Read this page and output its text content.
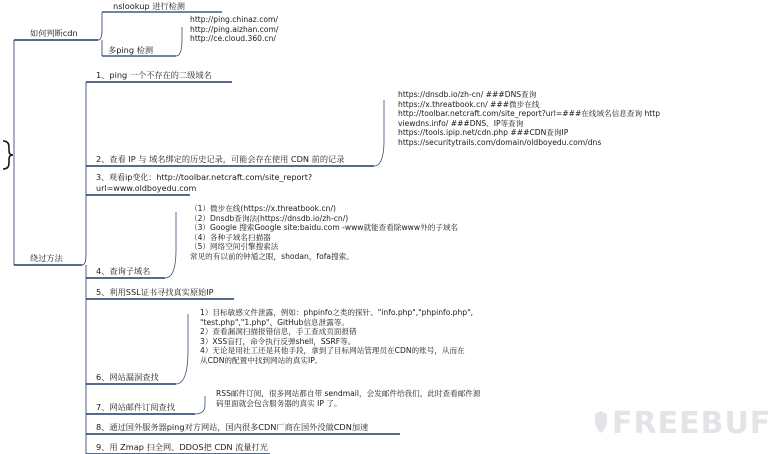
如何判断cdn
绕过方法
nslookup 进行检测
多ping 检测
http://ping.chinaz.com/
http://ping.aizhan.com/
http://ce.cloud.360.cn/
1、ping 一个不存在的二级域名
2、查看 IP 与 域名绑定的历史记录，可能会存在使用 CDN 前的记录
3、观看ip变化：http://toolbar.netcraft.com/site_report?
url=www.oldboyedu.com
4、查询子域名
5、利用SSL证书寻找真实原始IP
6、网站漏洞查找
7、网站邮件订阅查找
8、通过国外服务器ping对方网站，国内很多CDN厂商在国外没做CDN加速
9、用 Zmap 扫全网、DDOS把 CDN 流量打光
https://dnsdb.io/zh-cn/ ###DNS查询
https://x.threatbook.cn/ ###微步在线
http://toolbar.netcraft.com/site_report?url=###在线域名信息查询 http
viewdns.info/ ###DNS、IP等查询
https://tools.ipip.net/cdn.php ###CDN查询IP
https://securitytrails.com/domain/oldboyedu.com/dns
（1）微步在线(https://x.threatbook.cn/)
（2）Dnsdb查询法(https://dnsdb.io/zh-cn/)
（3）Google 搜索Google site:baidu.com -www就能查看除www外的子域名
（4）各种子域名扫描器
（5）网络空间引擎搜索法
常见的有以前的钟馗之眼，shodan，fofa搜索。
1）目标敏感文件泄露，例如：phpinfo之类的探针、"info.php","phpinfo.php",
"test.php","1.php"、GitHub信息泄露等。
2）查看漏洞扫描报错信息，手工查成页面报错
3）XSS盲打，命令执行反弹shell，SSRF等。
4）无论是用社工还是其他手段，拿到了目标网站管理员在CDN的账号，从而在
从CDN的配置中找到网站的真实IP。
RSS邮件订阅，很多网站都自带 sendmail，会发邮件给我们，此时查看邮件源
码里面就会包含服务器的真实 IP 了。
FREEBUF
